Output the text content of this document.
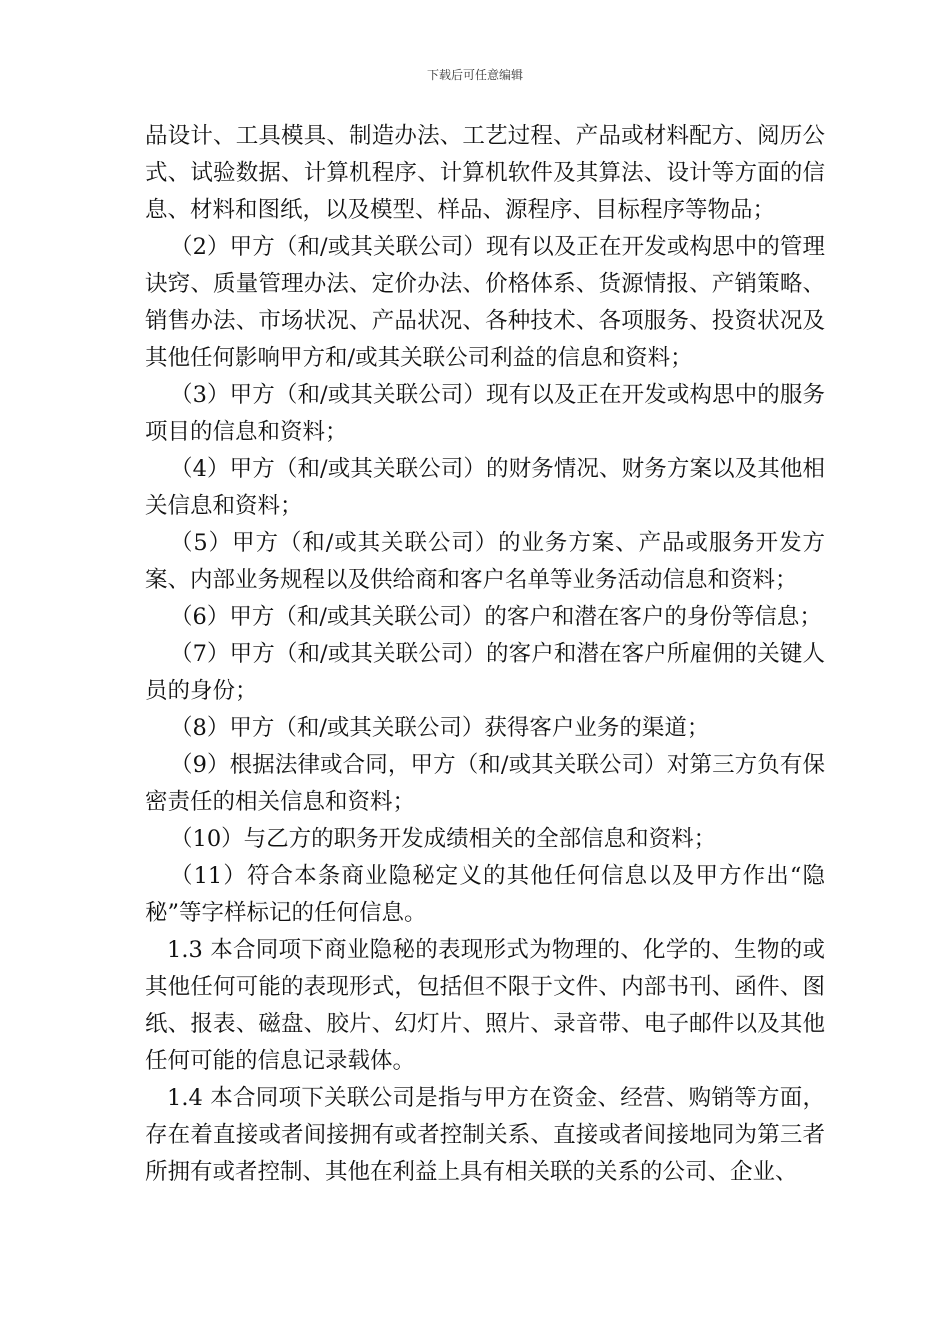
下载后可任意编辑

品设计、工具模具、制造办法、工艺过程、产品或材料配方、阅历公式、试验数据、计算机程序、计算机软件及其算法、设计等方面的信息、材料和图纸，以及模型、样品、源程序、目标程序等物品；

（2）甲方（和/或其关联公司）现有以及正在开发或构思中的管理诀窍、质量管理办法、定价办法、价格体系、货源情报、产销策略、销售办法、市场状况、产品状况、各种技术、各项服务、投资状况及其他任何影响甲方和/或其关联公司利益的信息和资料；

（3）甲方（和/或其关联公司）现有以及正在开发或构思中的服务项目的信息和资料；

（4）甲方（和/或其关联公司）的财务情况、财务方案以及其他相关信息和资料；

（5）甲方（和/或其关联公司）的业务方案、产品或服务开发方案、内部业务规程以及供给商和客户名单等业务活动信息和资料；

（6）甲方（和/或其关联公司）的客户和潜在客户的身份等信息；

（7）甲方（和/或其关联公司）的客户和潜在客户所雇佣的关键人员的身份；

（8）甲方（和/或其关联公司）获得客户业务的渠道；

（9）根据法律或合同，甲方（和/或其关联公司）对第三方负有保密责任的相关信息和资料；

（10）与乙方的职务开发成绩相关的全部信息和资料；

（11）符合本条商业隐秘定义的其他任何信息以及甲方作出“隐秘”等字样标记的任何信息。

1.3 本合同项下商业隐秘的表现形式为物理的、化学的、生物的或其他任何可能的表现形式，包括但不限于文件、内部书刊、函件、图纸、报表、磁盘、胶片、幻灯片、照片、录音带、电子邮件以及其他任何可能的信息记录载体。

1.4 本合同项下关联公司是指与甲方在资金、经营、购销等方面，存在着直接或者间接拥有或者控制关系、直接或者间接地同为第三者所拥有或者控制、其他在利益上具有相关联的关系的公司、企业、
